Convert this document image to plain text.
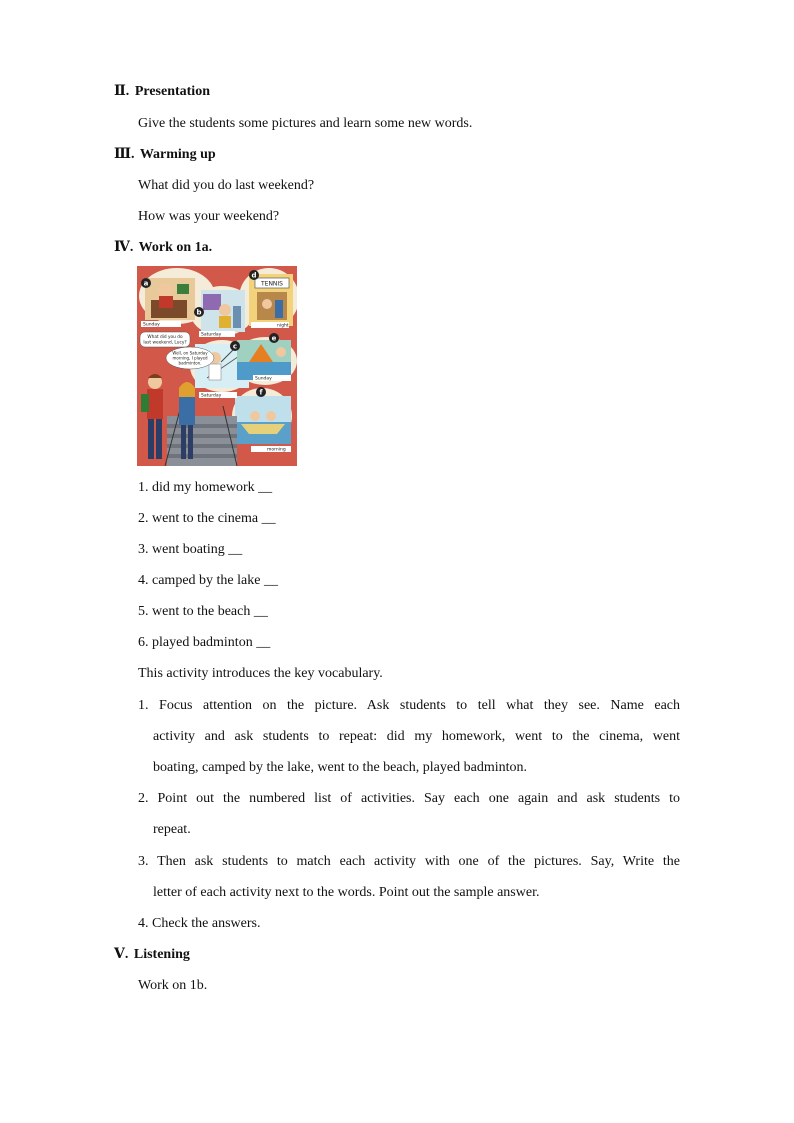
Ⅱ. Presentation
Give the students some pictures and learn some new words.
Ⅲ. Warming up
What did you do last weekend?
How was your weekend?
Ⅳ. Work on 1a.
TENNIS
a
b
c
d
e
f
Sunday
Saturday
night
Sunday
Saturday
morning
What did you do
last weekend, Lucy?
Well, on Saturday
morning, I played
badminton.
1. did my homework __
2. went to the cinema __
3. went boating __
4. camped by the lake __
5. went to the beach __
6. played badminton __
This activity introduces the key vocabulary.
1. Focus attention on the picture. Ask students to tell what they see. Name each
activity and ask students to repeat: did my homework, went to the cinema, went
boating, camped by the lake, went to the beach, played badminton.
2. Point out the numbered list of activities. Say each one again and ask students to
repeat.
3. Then ask students to match each activity with one of the pictures. Say, Write the
letter of each activity next to the words. Point out the sample answer.
4. Check the answers.
Ⅴ. Listening
Work on 1b.
